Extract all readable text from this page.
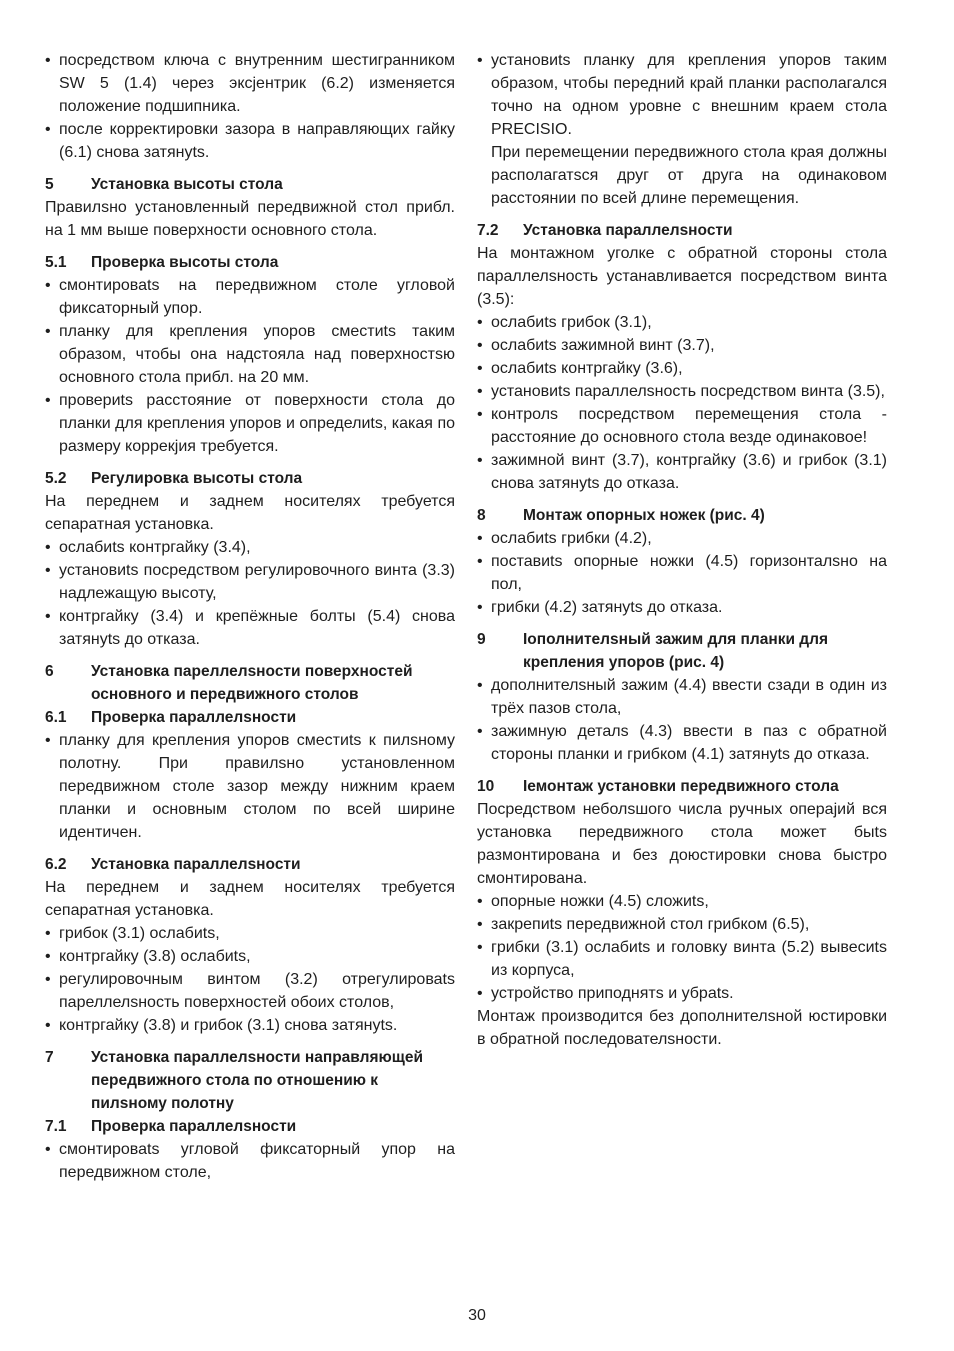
• посредством ключа с внутренним шестигранником SW 5 (1.4) через эксјентрик (6.2) изменяется положение подшипника.

• после корректировки зазора в направляющих гайку (6.1) снова затянуts.

5	Установка высоты стола

Правилsно установленный передвижной стол прибл. на 1 мм выше поверхности основного стола.

5.1	Проверка высоты стола

• смонтироваts на передвижном столе угловой фиксаторный упор.

• планку для крепления упоров сместиts таким образом, чтобы она надстояла над поверхностsю основного стола прибл. на 20 мм.

• провериts расстояние от поверхности стола до планки для крепления упоров и определиts, какая по размеру коррекјия требуется.

5.2	Регулировка высоты стола

На переднем и заднем носителях требуется сепаратная установка.

• ослабиts контргайку (3.4),

• установиts посредством регулировочного винта (3.3) надлежащую высоту,

• контргайку (3.4) и крепёжные болты (5.4) снова затянуts до отказа.

6	Установка пареллелsности поверхностей основного и передвижного столов
6.1	Проверка параллелsности

• планку для крепления упоров сместиts к пилsному полотну. При правилsно установленном передвижном столе зазор между нижним краем планки и основным столом по всей ширине идентичен.

6.2	Установка параллелsности

На переднем и заднем носителях требуется сепаратная установка.

• грибок (3.1) ослабиts,

• контргайку (3.8) ослабиts,

• регулировочным винтом (3.2) отрегулироваts пареллелsность поверхностей обоих столов,

• контргайку (3.8) и грибок (3.1) снова затянуts.

7	Установка параллелsности направляющей передвижного стола по отношению к пилsному полотну
7.1	Проверка параллелsности

• смонтироваts угловой фиксаторный упор на передвижном столе,

• установиts планку для крепления упоров таким образом, чтобы передний край планки располагался точно на одном уровне с внешним краем стола PRECISIO.

При перемещении передвижного стола края должны располагатsся друг от друга на одинаковом расстоянии по всей длине перемещения.

7.2	Установка параллелsности

На монтажном уголке с обратной стороны стола параллелsность устанавливается посредством винта (3.5):

• ослабиts грибок (3.1),

• ослабиts зажимной винт (3.7),

• ослабиts контргайку (3.6),

• установиts параллелsность посредством винта (3.5),

• контролs посредством перемещения стола - расстояние до основного стола везде одинаковое!

• зажимной винт (3.7), контргайку (3.6) и грибок (3.1) снова затянуts до отказа.

8	Монтаж опорных ножек (рис. 4)

• ослабиts грибки (4.2),

• поставиts опорные ножки (4.5) горизонталsно на пол,

• грибки (4.2) затянуts до отказа.

9	Іополнителsный зажим для планки для крепления упоров (рис. 4)

• дополнителsный зажим (4.4) ввести сзади в один из трёх пазов стола,

• зажимную деталs (4.3) ввести в паз с обратной стороны планки и грибком (4.1) затянуts до отказа.

10	Іемонтаж установки передвижного стола

Посредством неболsшого числа ручных операјий вся установка передвижного стола может быts размонтирована и без доюстировки снова быстро смонтирована.

• опорные ножки (4.5) сложиts,

• закрепиts передвижной стол грибком (6.5),

• грибки (3.1) ослабиts и головку винта (5.2) вывесиts из корпуса,

• устройство приподнятs и убраts.

Монтаж производится без дополнителsной юстировки в обратной последователsности.

30
